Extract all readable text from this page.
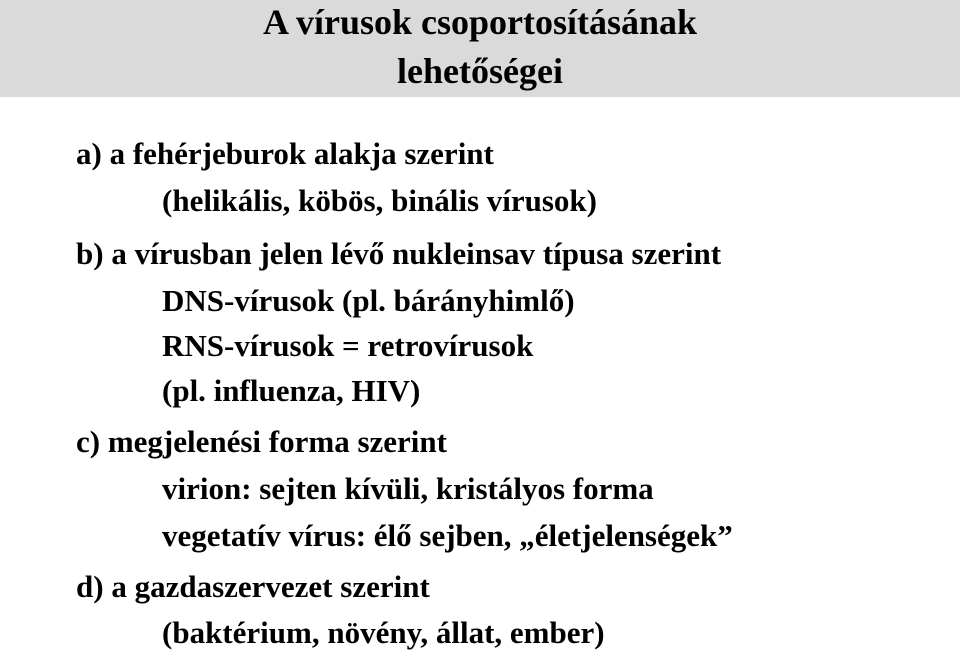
A vírusok csoportosításának
lehetőségei
a) a fehérjeburok alakja szerint
(helikális, köbös, binális vírusok)
b) a vírusban jelen lévő nukleinsav típusa szerint
DNS-vírusok (pl. bárányhimlő)
RNS-vírusok = retrovírusok
(pl. influenza, HIV)
c) megjelenési forma szerint
virion: sejten kívüli, kristályos forma
vegetatív vírus: élő sejben, „életjelenségek”
d) a gazdaszervezet szerint
(baktérium, növény, állat, ember)
